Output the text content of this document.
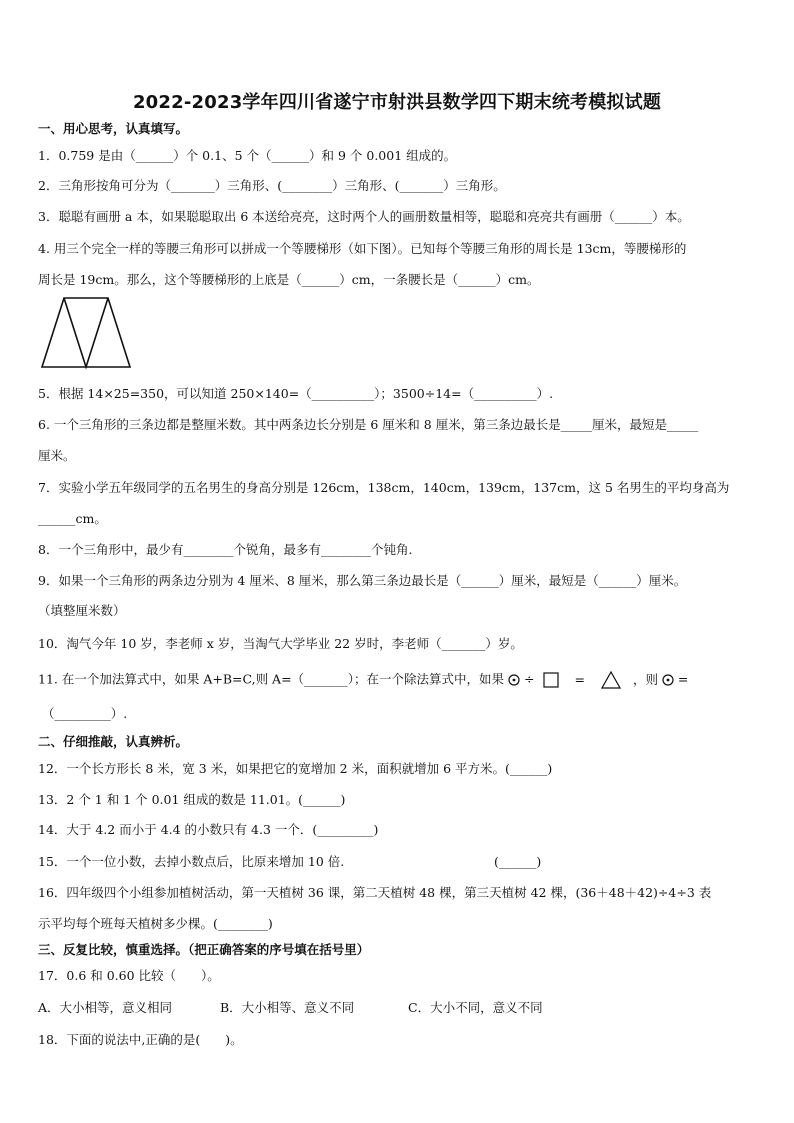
2022-2023学年四川省遂宁市射洪县数学四下期末统考模拟试题
一、用心思考，认真填写。
1．0.759 是由（______）个 0.1、5 个（______）和 9 个 0.001 组成的。
2．三角形按角可分为（_______）三角形、(________）三角形、(_______）三角形。
3．聪聪有画册 a 本，如果聪聪取出 6 本送给亮亮，这时两个人的画册数量相等，聪聪和亮亮共有画册（______）本。
4. 用三个完全一样的等腰三角形可以拼成一个等腰梯形（如下图）。已知每个等腰三角形的周长是 13cm，等腰梯形的
周长是 19cm。那么，这个等腰梯形的上底是（______）cm，一条腰长是（______）cm。
5．根据 14×25=350，可以知道 250×140=（__________）；3500÷14=（__________）.
6. 一个三角形的三条边都是整厘米数。其中两条边长分别是 6 厘米和 8 厘米，第三条边最长是_____厘米，最短是_____
厘米。
7．实验小学五年级同学的五名男生的身高分别是 126cm，138cm，140cm，139cm，137cm，这 5 名男生的平均身高为
______cm。
8．一个三角形中，最少有________个锐角，最多有________个钝角.
9．如果一个三角形的两条边分别为 4 厘米、8 厘米，那么第三条边最长是（______）厘米，最短是（______）厘米。
（填整厘米数）
10．淘气今年 10 岁，李老师 x 岁，当淘气大学毕业 22 岁时，李老师（_______）岁。
11. 在一个加法算式中，如果 A+B=C,则 A=（_______）；在一个除法算式中，如果 ÷	=	，则 =
（_________）.
二、仔细推敲，认真辨析。
12．一个长方形长 8 米，宽 3 米，如果把它的宽增加 2 米，面积就增加 6 平方米。(______)
13．2 个 1 和 1 个 0.01 组成的数是 11.01。(______)
14．大于 4.2 而小于 4.4 的小数只有 4.3 一个．(_________)
15．一个一位小数，去掉小数点后，比原来增加 10 倍.	(______)
16．四年级四个小组参加植树活动，第一天植树 36 课，第二天植树 48 棵，第三天植树 42 棵，(36＋48＋42)÷4÷3 表
示平均每个班每天植树多少棵。(________)
三、反复比较，慎重选择。（把正确答案的序号填在括号里）
17．0.6 和 0.60 比较（　　）。
A．大小相等，意义相同	B．大小相等、意义不同	C．大小不同，意义不同
18．下面的说法中,正确的是(　　)。
